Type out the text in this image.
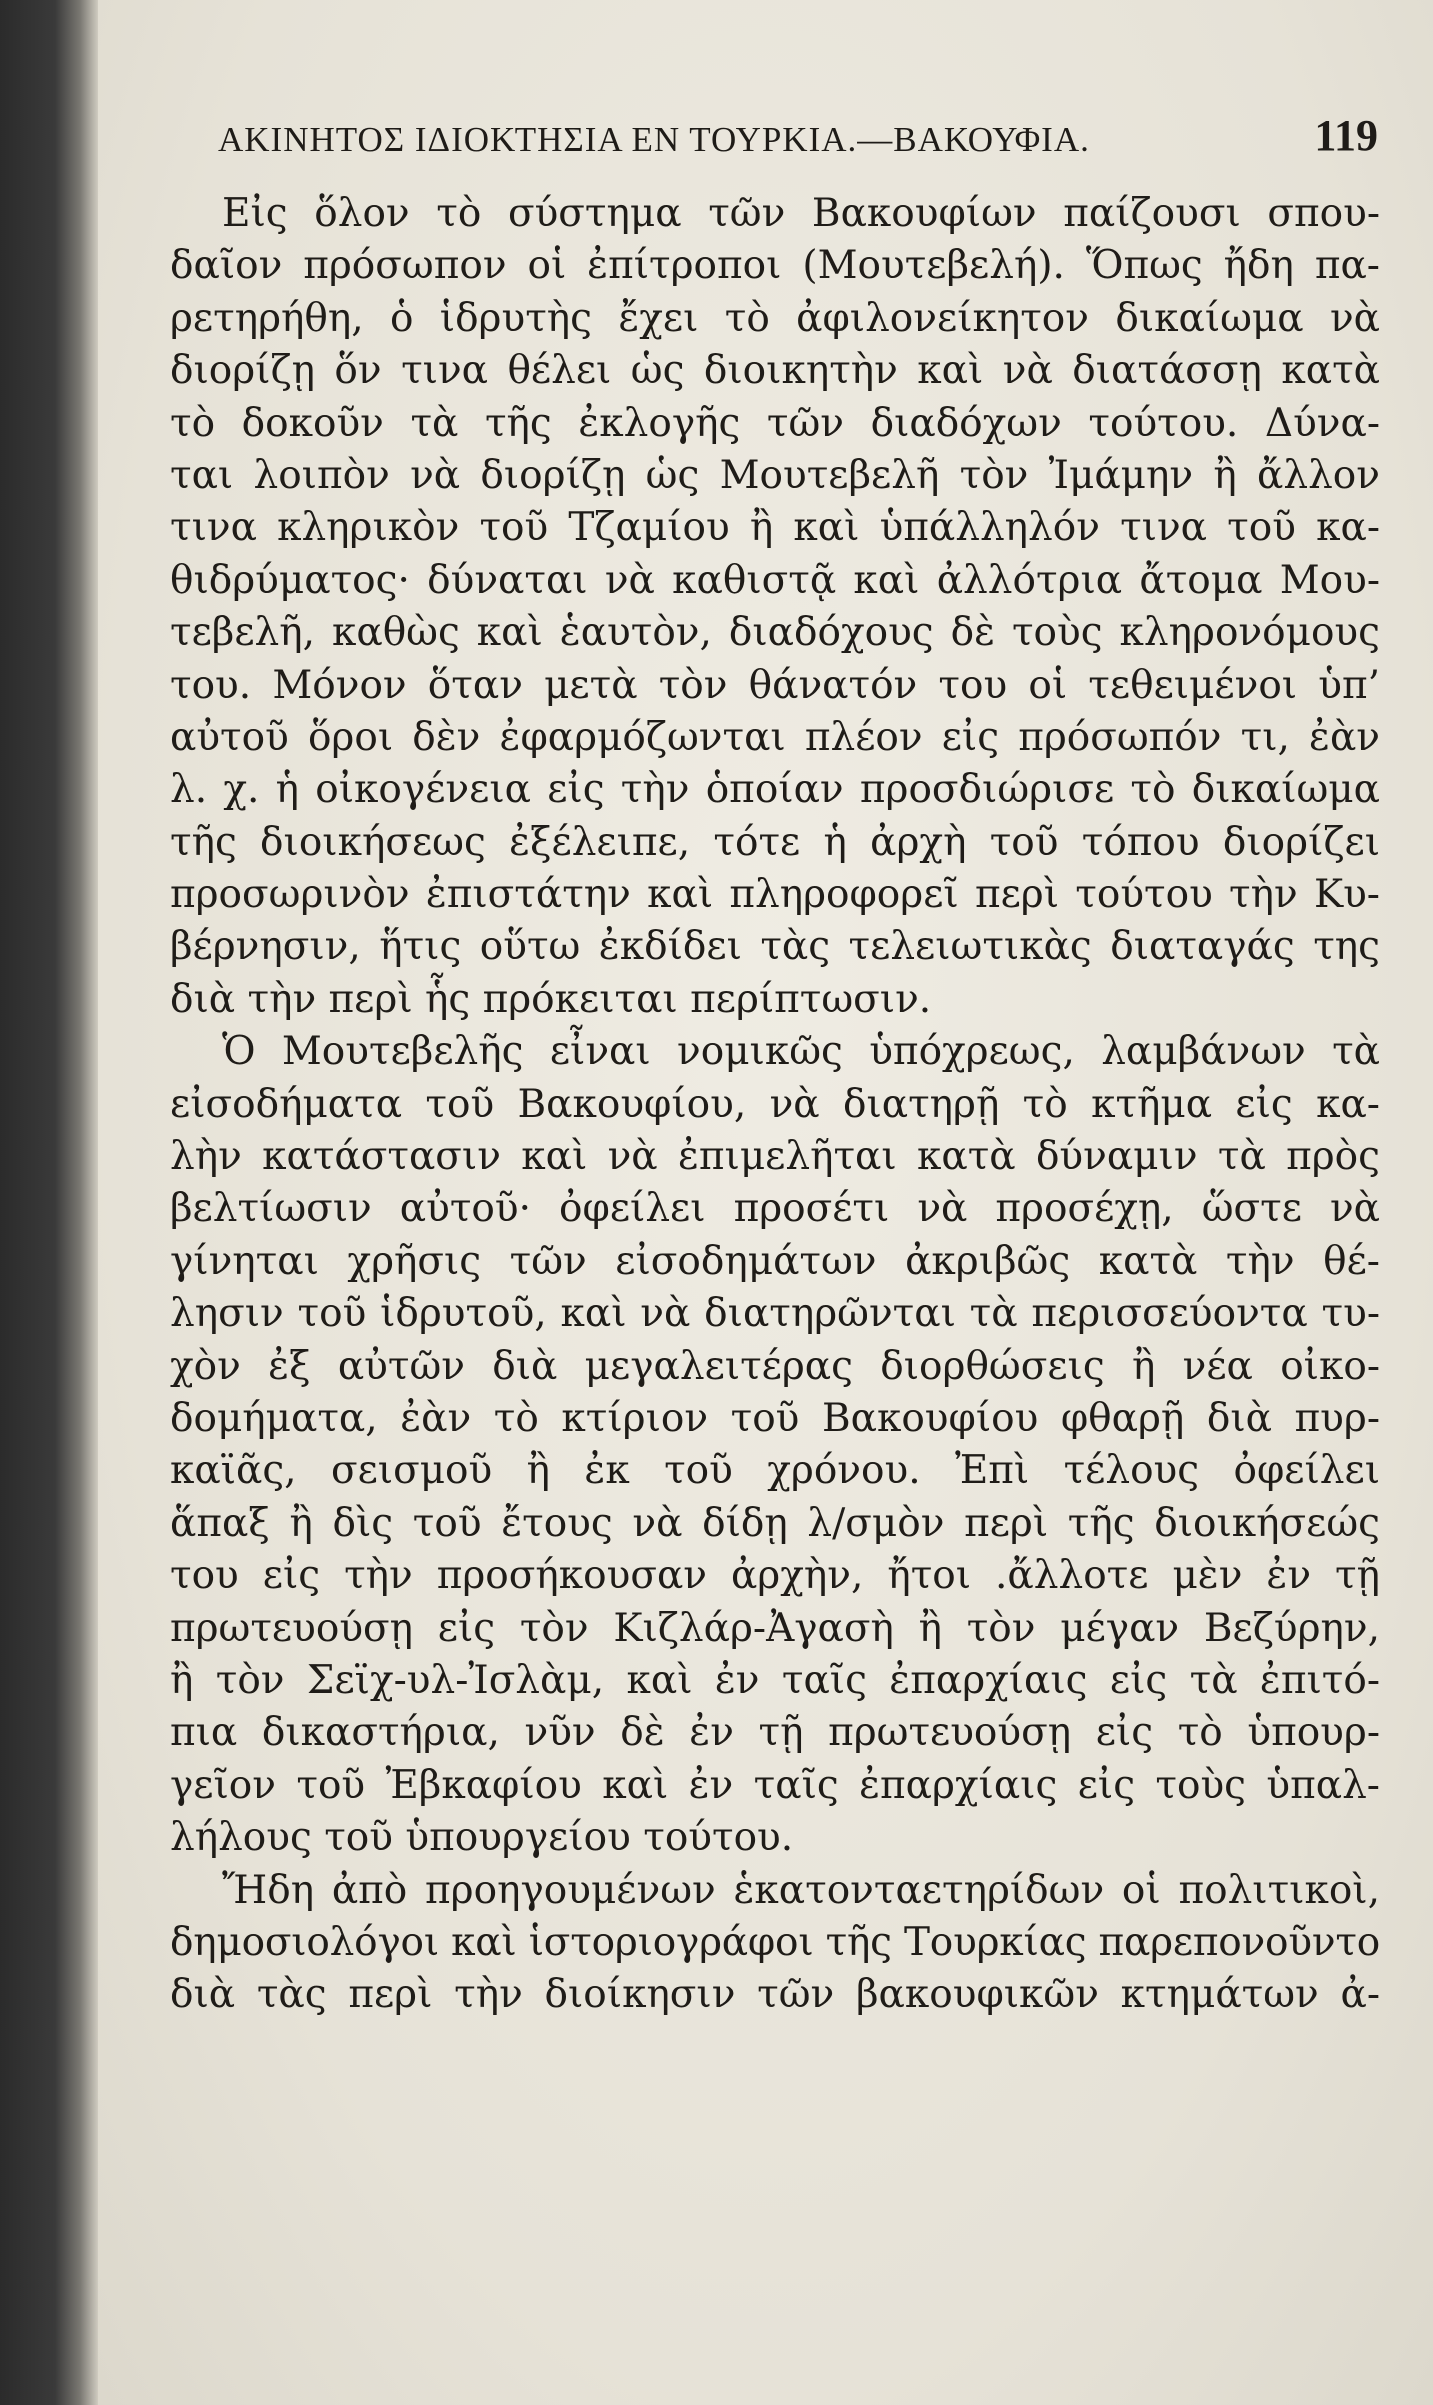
ΑΚΙΝΗΤΟΣ ΙΔΙΟΚΤΗΣΙΑ ΕΝ ΤΟΥΡΚΙΑ.—ΒΑΚΟΥΦΙΑ.	119

Εἰς ὅλον τὸ σύστημα τῶν Βακουφίων παίζουσι σπου-
δαῖον πρόσωπον οἱ ἐπίτροποι (Μουτεβελή). Ὅπως ἤδη πα-
ρετηρήθη, ὁ ἱδρυτὴς ἔχει τὸ ἀφιλονείκητον δικαίωμα νὰ
διορίζῃ ὅν τινα θέλει ὡς διοικητὴν καὶ νὰ διατάσσῃ κατὰ
τὸ δοκοῦν τὰ τῆς ἐκλογῆς τῶν διαδόχων τούτου. Δύνα-
ται λοιπὸν νὰ διορίζῃ ὡς Μουτεβελῆ τὸν Ἰμάμην ἢ ἄλλον
τινα κληρικὸν τοῦ Τζαμίου ἢ καὶ ὑπάλληλόν τινα τοῦ κα-
θιδρύματος· δύναται νὰ καθιστᾷ καὶ ἀλλότρια ἄτομα Μου-
τεβελῆ, καθὼς καὶ ἑαυτὸν, διαδόχους δὲ τοὺς κληρονόμους
του. Μόνον ὅταν μετὰ τὸν θάνατόν του οἱ τεθειμένοι ὑπ’
αὐτοῦ ὅροι δὲν ἐφαρμόζωνται πλέον εἰς πρόσωπόν τι, ἐὰν
λ. χ. ἡ οἰκογένεια εἰς τὴν ὁποίαν προσδιώρισε τὸ δικαίωμα
τῆς διοικήσεως ἐξέλειπε, τότε ἡ ἀρχὴ τοῦ τόπου διορίζει
προσωρινὸν ἐπιστάτην καὶ πληροφορεῖ περὶ τούτου τὴν Κυ-
βέρνησιν, ἥτις οὕτω ἐκδίδει τὰς τελειωτικὰς διαταγάς της
διὰ τὴν περὶ ἧς πρόκειται περίπτωσιν.

Ὁ Μουτεβελῆς εἶναι νομικῶς ὑπόχρεως, λαμβάνων τὰ
εἰσοδήματα τοῦ Βακουφίου, νὰ διατηρῇ τὸ κτῆμα εἰς κα-
λὴν κατάστασιν καὶ νὰ ἐπιμελῆται κατὰ δύναμιν τὰ πρὸς
βελτίωσιν αὐτοῦ· ὀφείλει προσέτι νὰ προσέχῃ, ὥστε νὰ
γίνηται χρῆσις τῶν εἰσοδημάτων ἀκριβῶς κατὰ τὴν θέ-
λησιν τοῦ ἱδρυτοῦ, καὶ νὰ διατηρῶνται τὰ περισσεύοντα τυ-
χὸν ἐξ αὐτῶν διὰ μεγαλειτέρας διορθώσεις ἢ νέα οἰκο-
δομήματα, ἐὰν τὸ κτίριον τοῦ Βακουφίου φθαρῇ διὰ πυρ-
καϊᾶς, σεισμοῦ ἢ ἐκ τοῦ χρόνου. Ἐπὶ τέλους ὀφείλει
ἅπαξ ἢ δὶς τοῦ ἔτους νὰ δίδῃ λ/σμὸν περὶ τῆς διοικήσεώς
του εἰς τὴν προσήκουσαν ἀρχὴν, ἤτοι .ἄλλοτε μὲν ἐν τῇ
πρωτευούσῃ εἰς τὸν Κιζλάρ-Ἀγασὴ ἢ τὸν μέγαν Βεζύρην,
ἢ τὸν Σεϊχ-υλ-Ἰσλὰμ, καὶ ἐν ταῖς ἐπαρχίαις εἰς τὰ ἐπιτό-
πια δικαστήρια, νῦν δὲ ἐν τῇ πρωτευούσῃ εἰς τὸ ὑπουρ-
γεῖον τοῦ Ἐβκαφίου καὶ ἐν ταῖς ἐπαρχίαις εἰς τοὺς ὑπαλ-
λήλους τοῦ ὑπουργείου τούτου.

Ἤδη ἀπὸ προηγουμένων ἑκατονταετηρίδων οἱ πολιτικοὶ,
δημοσιολόγοι καὶ ἱστοριογράφοι τῆς Τουρκίας παρεπονοῦντο
διὰ τὰς περὶ τὴν διοίκησιν τῶν βακουφικῶν κτημάτων ἀ-
